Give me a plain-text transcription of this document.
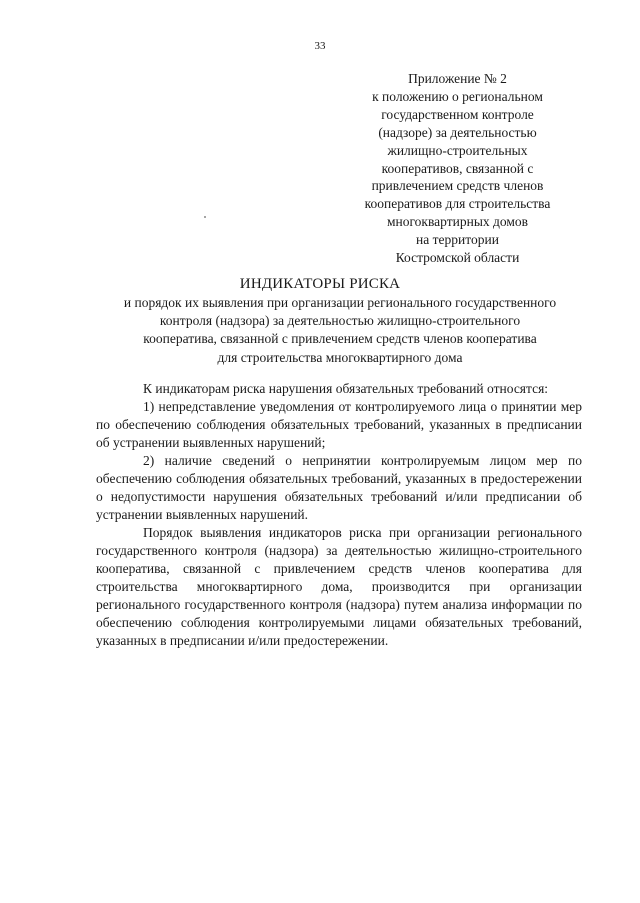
33
Приложение № 2
к положению о региональном
государственном контроле
(надзоре) за деятельностью
жилищно-строительных
кооперативов, связанной с
привлечением средств членов
кооперативов для строительства
многоквартирных домов
на территории
Костромской области
ИНДИКАТОРЫ РИСКА
и порядок их выявления при организации регионального государственного
контроля (надзора) за деятельностью жилищно-строительного
кооператива, связанной с привлечением средств членов кооператива
для строительства многоквартирного дома

К индикаторам риска нарушения обязательных требований относятся:

1) непредставление уведомления от контролируемого лица о принятии мер по обеспечению соблюдения обязательных требований, указанных в предписании об устранении выявленных нарушений;

2) наличие сведений о непринятии контролируемым лицом мер по обеспечению соблюдения обязательных требований, указанных в предостережении о недопустимости нарушения обязательных требований и/или предписании об устранении выявленных нарушений.

Порядок выявления индикаторов риска при организации регионального государственного контроля (надзора) за деятельностью жилищно-строительного кооператива, связанной с привлечением средств членов кооператива для строительства многоквартирного дома, производится при организации регионального государственного контроля (надзора) путем анализа информации по обеспечению соблюдения контролируемыми лицами обязательных требований, указанных в предписании и/или предостережении.
